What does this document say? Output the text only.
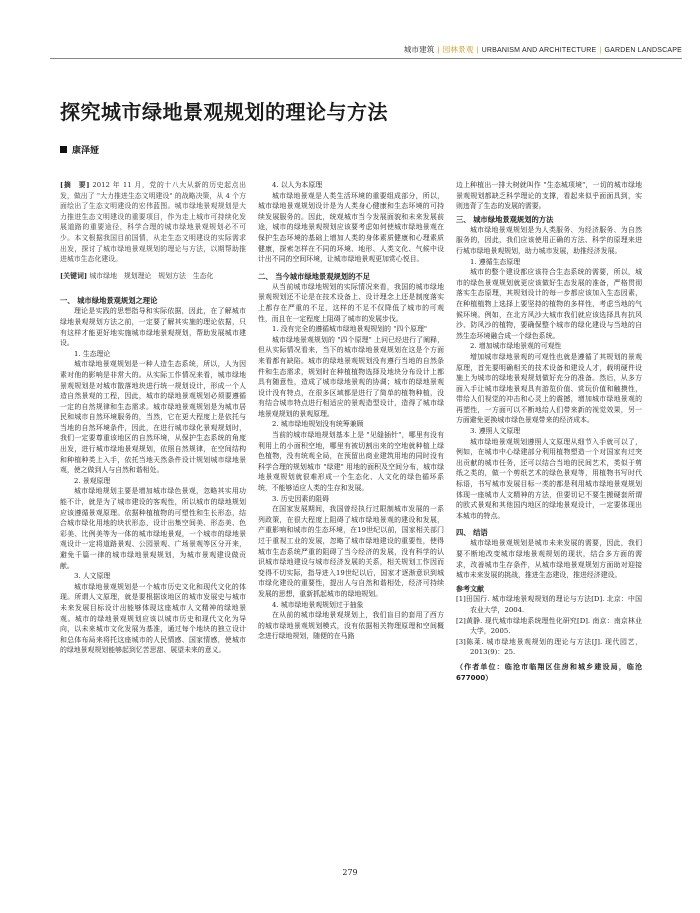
城市建筑 | 园林景观 | URBANISM AND ARCHITECTURE | GARDEN LANDSCAPE
探究城市绿地景观规划的理论与方法
康泽娅
[摘　要] 2012 年 11 月，党的十八大从新的历史起点出发，做出了 "大力推进生态文明建设" 的战略决策，从 4 个方面绘出了生态文明建设的宏伟蓝图。城市绿地景观规划是大力推进生态文明建设的重要项目，作为走上城市可持续化发展道路的重要途径，科学合理的城市绿地景观规划必不可少。本文根据我国目前国情，从走生态文明建设的实际需求出发，探讨了城市绿地景观规划的理论与方法，以期帮助推进城市生态化建设。
[关键词] 城市绿地　规划理论　规划方法　生态化
一、 城市绿地景观规划之理论

理论是实践的思想指导和实际依据，因此，在了解城市绿地景观规划方法之前，一定要了解其实施的理论依据，只有这样才能更好地实施城市绿地景观规划，帮助发展城市建设。

1. 生态理论

城市绿地景观规划是一种人造生态系统，所以，人为因素对他的影响是非常大的。从实际工作情况来看，城市绿地景观规划是对城市散落地块进行统一规划设计，形成一个人造自然景观的工程，因此，城市的绿地景观规划必须要遵循一定的自然规律和生态需求。城市绿地景观规划是为城市居民和城市自然环境服务的，当然，它在更大程度上是依托与当地的自然环境条件，因此，在进行城市绿化景观规划时，我们一定要尊重该地区的自然环境，从保护生态系统的角度出发，进行城市绿地景观规划，依照自然规律，在空间结构和种植种类上入手，依托当地天然条件设计规划城市绿地景观，使之做到人与自然和谐相处。

2. 景观原理

城市绿地规划主要是增加城市绿色景观，忽略其实用功能不计，就是为了城市建设的客观性，所以城市的绿地规划应该遵循景观原理。依据种植植物的可塑性和生长形态，结合城市绿化用地的块状形态，设计出集空间美、形态美、色彩美、比例美等为一体的城市绿地景观，一个城市的绿地景观设计一定将道路景观、公园景观、广场景观等区分开来，避免千篇一律的城市绿地景观规划，为城市景观建设做贡献。

3. 人文原理

城市绿地景观规划是一个城市历史文化和现代文化的体现。所谓人文原理，就是要根据该地区的城市发展史与城市未来发展目标设计出能够体现这座城市人文精神的绿地景观。城市的绿地景观规划应该以城市历史和现代文化为导向，以未来城市文化发展为基准，通过每个地块的独立设计和总体布局来将托这座城市的人民情感、国家情感，使城市的绿地景观规划能够起到忆苦思甜、展望未来的意义。

4. 以人为本原理

城市绿地景观是人类生活环境的重要组成部分，所以，城市绿地景观规划设计是为人类身心健康和生态环境的可持续发展服务的。因此，统观城市当今发展面貌和未来发展前途，城市的绿地景观规划应该要考虑如何使城市绿地景观在保护生态环境的基础上增加人类的身体素质健康和心理素质健康，探索怎样在不同的环境、地形、人类文化、气候中设计出不同的空间环境，让城市绿地景观更加赏心悦目。

二、 当今城市绿地景观规划的不足

从当前城市绿地规划的实际情况来看，我国的城市绿地景观规划还不论是在技术设备上、设计理念上还是制度落实上都存在严重的不足，这样的不足不仅降低了城市的可观性，而且在一定程度上阻碍了城市的发展步伐。

1. 没有完全的遵循城市绿地景观规划的 "四个原理"

城市绿地景观规划的 "四个原理" 上问已经进行了阐释，但从实际情况看来，当下的城市绿地景观规划在这是个方面来看都有缺陷。城市的绿地景观规划没有遵行当地的自然条件和生态需求，规划时在种植植物选择及地块分布设计上都具有随意性，造成了城市绿地景观的协调；城市的绿地景观设计没有特点，在很多区域都是进行了简单的植物种植，没有结合城市特点进行相适应的景观造型设计，造得了城市绿地景观规划的景观原理。

2. 城市绿地规划没有统筹兼顾

当前的城市绿地规划基本上是 "见缝插针"，哪里有没有利用上的小面积空地，哪里有被切割出来的空地就种植上绿色植物，没有统观全局，在预留出商业建筑用地的同时没有科学合理的规划城市 "绿建" 用地的面积及空间分布，城市绿地景观规划就很难形成一个生态化、人文化的绿色循环系统，不能够适应人类的生存和发展。

3. 历史因素的阻碍

在国家发展期间，我国曾经执行过限制城市发展的一系列政策，在很大程度上阻碍了城市绿地景观的建设和发展，产重影响和城市的生态环境，在19世纪以前，国家相关部门过于重视工业的发展，忽略了城市绿地建设的重要性，使得城市生态系统严重的阻碍了当今经济的发展，没有科学的认识城市绿地建设与城市经济发展的关系，相关规划工作因而变得不切实际，指导进入19世纪以后，国家才逐渐意识到城市绿化建设的重要性，提出人与自然和谐相处，经济可持续发展的思想，重新抓起城市的绿地规划。

4. 城市绿地景观规划过于抽象

在从前的城市绿地景观规划上，我们盲目的套用了西方的城市绿地景观规划模式，没有依据相关物理原理和空间概念进行绿地规划，随便的在马路

边上种植出一排大树就叫作 "生态城项境"，一切的城市绿地景观规划都缺乏科学理论的支撑，看起来似乎面面具到，实则违背了生态的发展的需要。

三、 城市绿地景观规划的方法

城市绿地景观规划是为人类服务、为经济服务、为自然服务的，因此，我们应该使用正确的方法、科学的原理来进行城市绿地景观规划，助力城市发展，助推经济发展。

1. 遵循生态原理

城市的整个建设都应该符合生态系统的需要，所以，城市的绿色景观规划就更应该做好生态发展的准备，严格贯彻落实生态原理，其规划设计的每一步都应该加入生态因素，在种植植物上选择上要坚持的植物的多样性，考虑当地的气候环境。例如，在北方风沙大城市我们就应该选择具有抗风沙、防风沙的植物，要确保整个城市的绿化建设与当地的自然生态环境融合成一个绿色系统。

2. 增加城市绿地景观的可观性

增加城市绿地景观的可观性也就是遵循了其规划的景观原理，首先要明确相关的技术设备和建设人才，载明硬件设施上为城市的绿地景观规划做好充分的准备。然后，从多方面入手让城市绿地景观具有游览价值、赏玩价值和触摸性，带给人们视觉的冲击和心灵上的震撼，增加城市绿地景观的再塑性，一方面可以不断地给人们带来新的视觉效果，另一方面避免更换城市绿色景观带来的经济成本。

3. 遵照人文原理

城市绿地景观规划遵照人文原理从细节入手就可以了，例如，在城市中心绿建部分利用植物塑造一个对国家有过突出贡献的城市任务，还可以结合当地的民间艺术，类似于剪纸之类的，做一个剪纸艺术的绿色景观等，用植物书写时代标语，书写城市发展目标一类的都是利用城市绿地景观规划体现一座城市人文精神的方法，但要切记不要生搬硬套所谓的欧式景观和其他国内地区的绿地景观设计，一定要体现出本城市的特点。

四、 结语

城市绿地景观规划是城市未来发展的需要，因此，我们要不断地改变城市绿地景观规划的现状，结合多方面的需求，改善城市生存条件，从城市绿地景观规划方面助对迎接城市未来发展的挑战，推进生态建设，推进经济建设。

参考文献
[1]田国行. 城市绿地景观规划的理论与方法[D]. 北京：中国农业大学，2004.
[2]黄静. 现代城市绿地系统理性化研究[D]. 南京：南京林业大学，2005.
[3]陈莱. 城市绿地景观规划的理论与方法[J]. 现代园艺，2013(9)：25.
（作者单位：临沧市临翔区住房和城乡建设局，临沧 677000）
279
